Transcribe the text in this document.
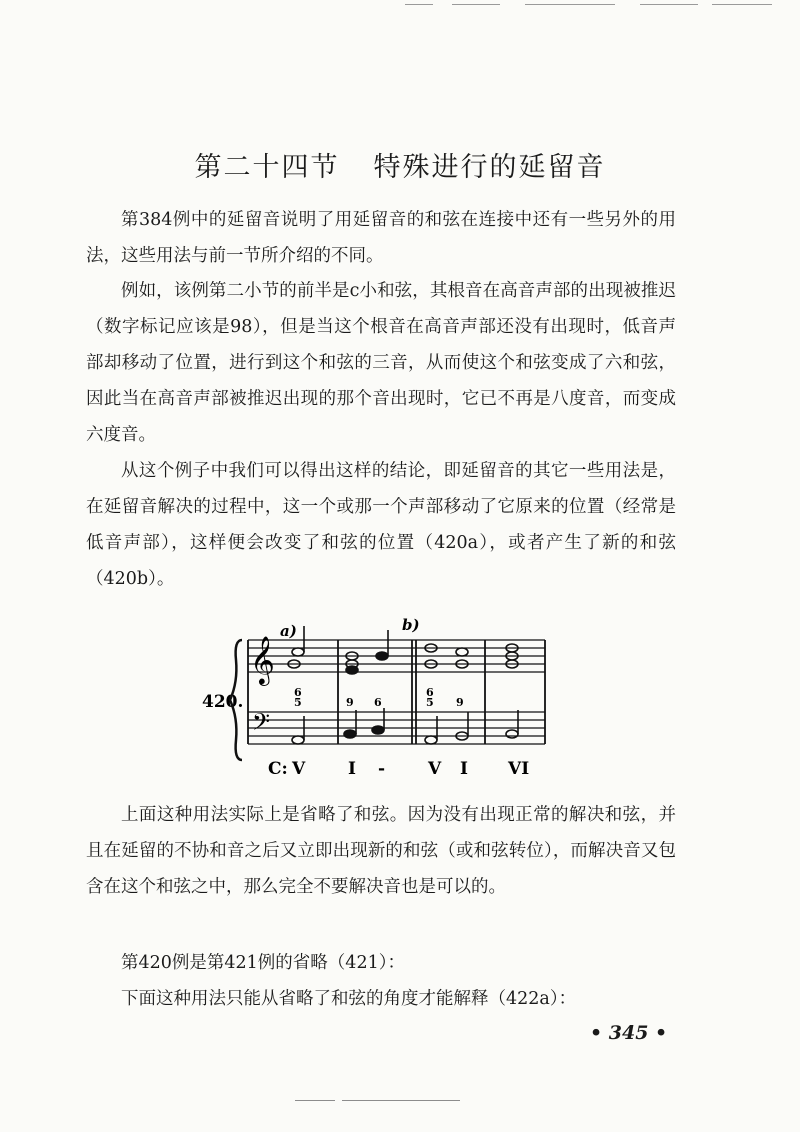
第二十四节 特殊进行的延留音

第384例中的延留音说明了用延留音的和弦在连接中还有一些另外的用法，这些用法与前一节所介绍的不同。

例如，该例第二小节的前半是c小和弦，其根音在高音声部的出现被推迟（数字标记应该是98），但是当这个根音在高音声部还没有出现时，低音声部却移动了位置，进行到这个和弦的三音，从而使这个和弦变成了六和弦，因此当在高音声部被推迟出现的那个音出现时，它已不再是八度音，而变成六度音。

从这个例子中我们可以得出这样的结论，即延留音的其它一些用法是，在延留音解决的过程中，这一个或那一个声部移动了它原来的位置（经常是低音声部），这样便会改变了和弦的位置（420a），或者产生了新的和弦（420b）。

420.
𝄞
𝄢
a)	b)
6
5	9 6
6
5 9
C: V	I -	V I VI

上面这种用法实际上是省略了和弦。因为没有出现正常的解决和弦，并且在延留的不协和音之后又立即出现新的和弦（或和弦转位），而解决音又包含在这个和弦之中，那么完全不要解决音也是可以的。

第420例是第421例的省略（421）：

下面这种用法只能从省略了和弦的角度才能解释（422a）：

• 345 •
